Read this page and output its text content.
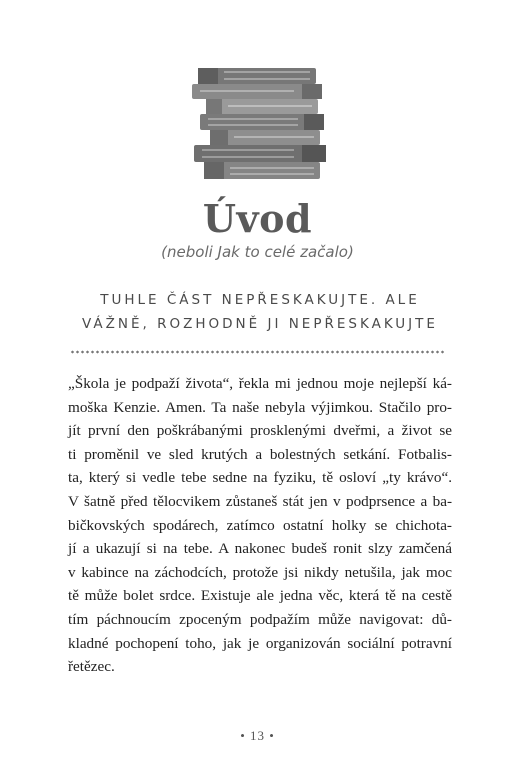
Úvod
(neboli Jak to celé začalo)
TUHLE ČÁST NEPŘESKAKUJTE. ALE
VÁŽNĚ, ROZHODNĚ JI NEPŘESKAKUJTE
„Škola je podpaží života“, řekla mi jednou moje nejlepší ká-
moška Kenzie. Amen. Ta naše nebyla výjimkou. Stačilo pro-
jít první den poškrábanými prosklenými dveřmi, a život se
ti proměnil ve sled krutých a bolestných setkání. Fotbalis-
ta, který si vedle tebe sedne na fyziku, tě osloví „ty krávo“.
V šatně před tělocvikem zůstaneš stát jen v podprsence a ba-
bičkovských spodárech, zatímco ostatní holky se chichota-
jí a ukazují si na tebe. A nakonec budeš ronit slzy zamčená
v kabince na záchodcích, protože jsi nikdy netušila, jak moc
tě může bolet srdce. Existuje ale jedna věc, která tě na cestě
tím páchnoucím zpoceným podpažím může navigovat: dů-
kladné pochopení toho, jak je organizován sociální potravní
řetězec.
• 13 •
